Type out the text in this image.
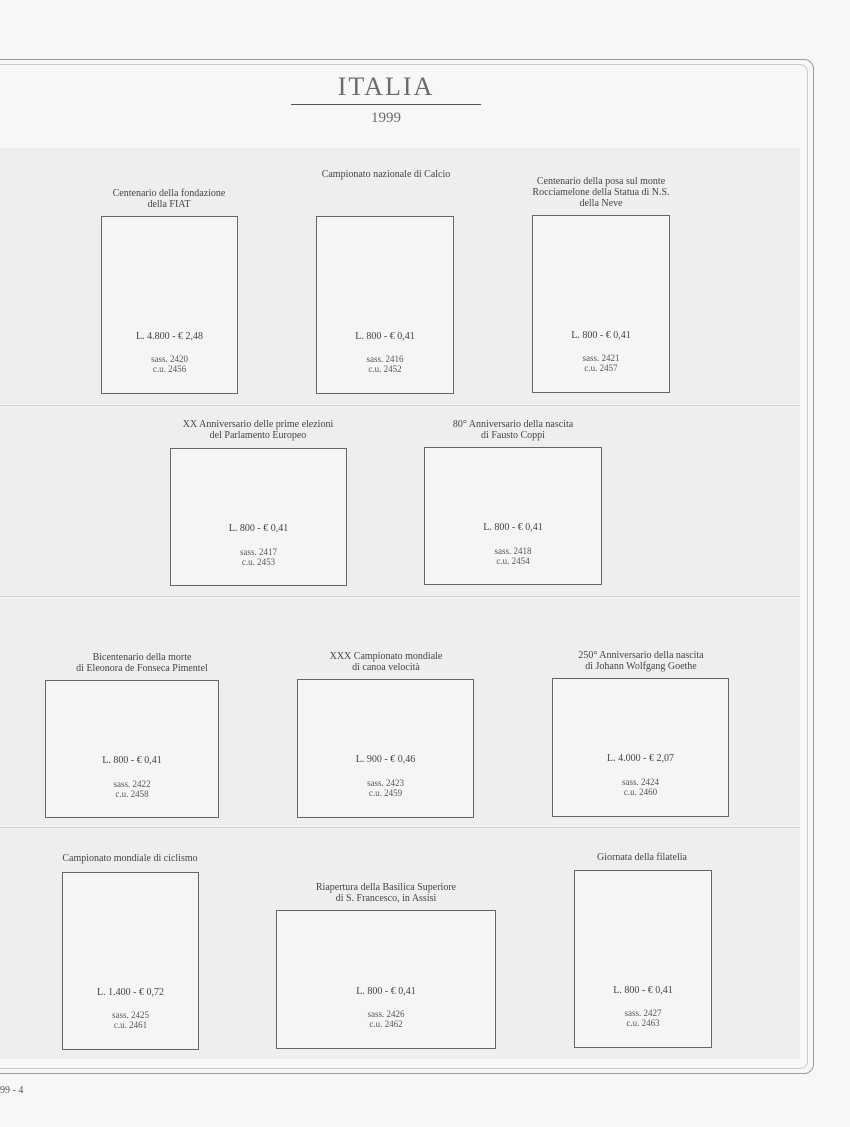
ITALIA
1999
Centenario della fondazione
della FIAT
L. 4.800 - € 2,48
sass. 2420
c.u. 2456
Campionato nazionale di Calcio
L. 800 - € 0,41
sass. 2416
c.u. 2452
Centenario della posa sul monte
Rocciamelone della Statua di N.S.
della Neve
L. 800 - € 0,41
sass. 2421
c.u. 2457
XX Anniversario delle prime elezioni
del Parlamento Europeo
L. 800 - € 0,41
sass. 2417
c.u. 2453
80° Anniversario della nascita
di Fausto Coppi
L. 800 - € 0,41
sass. 2418
c.u. 2454
Bicentenario della morte
di Eleonora de Fonseca Pimentel
L. 800 - € 0,41
sass. 2422
c.u. 2458
XXX Campionato mondiale
di canoa velocità
L. 900 - € 0,46
sass. 2423
c.u. 2459
250° Anniversario della nascita
di Johann Wolfgang Goethe
L. 4.000 - € 2,07
sass. 2424
c.u. 2460
Campionato mondiale di ciclismo
L. 1.400 - € 0,72
sass. 2425
c.u. 2461
Riapertura della Basilica Superiore
di S. Francesco, in Assisi
L. 800 - € 0,41
sass. 2426
c.u. 2462
Giornata della filatelia
L. 800 - € 0,41
sass. 2427
c.u. 2463
99 - 4
